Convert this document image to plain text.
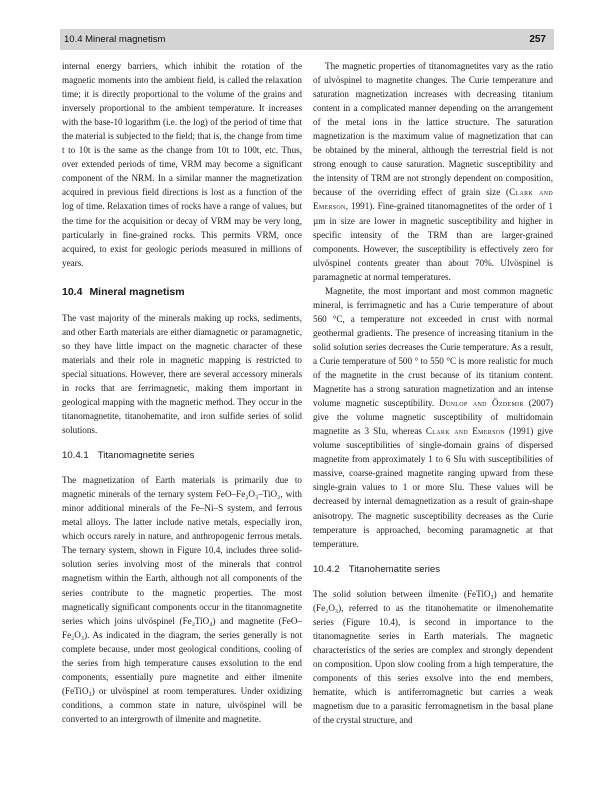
10.4 Mineral magnetism	257

internal energy barriers, which inhibit the rotation of the magnetic moments into the ambient field, is called the relaxation time; it is directly proportional to the volume of the grains and inversely proportional to the ambient temperature. It increases with the base-10 logarithm (i.e. the log) of the period of time that the material is subjected to the field; that is, the change from time t to 10t is the same as the change from 10t to 100t, etc. Thus, over extended periods of time, VRM may become a significant component of the NRM. In a similar manner the magnetization acquired in previous field directions is lost as a function of the log of time. Relaxation times of rocks have a range of values, but the time for the acquisition or decay of VRM may be very long, particularly in fine-grained rocks. This permits VRM, once acquired, to exist for geologic periods measured in millions of years.

10.4 Mineral magnetism

The vast majority of the minerals making up rocks, sediments, and other Earth materials are either diamagnetic or paramagnetic, so they have little impact on the magnetic character of these materials and their role in magnetic mapping is restricted to special situations. However, there are several accessory minerals in rocks that are ferrimagnetic, making them important in geological mapping with the magnetic method. They occur in the titanomagnetite, titanohematite, and iron sulfide series of solid solutions.

10.4.1 Titanomagnetite series

The magnetization of Earth materials is primarily due to magnetic minerals of the ternary system FeO–Fe₂O₃–TiO₂, with minor additional minerals of the Fe–Ni–S system, and ferrous metal alloys. The latter include native metals, especially iron, which occurs rarely in nature, and anthropogenic ferrous metals. The ternary system, shown in Figure 10.4, includes three solid-solution series involving most of the minerals that control magnetism within the Earth, although not all components of the series contribute to the magnetic properties. The most magnetically significant components occur in the titanomagnetite series which joins ulvöspinel (Fe₂TiO₄) and magnetite (FeO–Fe₂O₃). As indicated in the diagram, the series generally is not complete because, under most geological conditions, cooling of the series from high temperature causes exsolution to the end components, essentially pure magnetite and either ilmenite (FeTiO₃) or ulvöspinel at room temperatures. Under oxidizing conditions, a common state in nature, ulvöspinel will be converted to an intergrowth of ilmenite and magnetite.

The magnetic properties of titanomagnetites vary as the ratio of ulvöspinel to magnetite changes. The Curie temperature and saturation magnetization increases with decreasing titanium content in a complicated manner depending on the arrangement of the metal ions in the lattice structure. The saturation magnetization is the maximum value of magnetization that can be obtained by the mineral, although the terrestrial field is not strong enough to cause saturation. Magnetic susceptibility and the intensity of TRM are not strongly dependent on composition, because of the overriding effect of grain size (Clark and Emerson, 1991). Fine-grained titanomagnetites of the order of 1 µm in size are lower in magnetic susceptibility and higher in specific intensity of the TRM than are larger-grained components. However, the susceptibility is effectively zero for ulvöspinel contents greater than about 70%. Ulvöspinel is paramagnetic at normal temperatures.

Magnetite, the most important and most common magnetic mineral, is ferrimagnetic and has a Curie temperature of about 560 °C, a temperature not exceeded in crust with normal geothermal gradients. The presence of increasing titanium in the solid solution series decreases the Curie temperature. As a result, a Curie temperature of 500 ° to 550 °C is more realistic for much of the magnetite in the crust because of its titanium content. Magnetite has a strong saturation magnetization and an intense volume magnetic susceptibility. Dunlop and Özdemir (2007) give the volume magnetic susceptibility of multidomain magnetite as 3 SIu, whereas Clark and Emerson (1991) give volume susceptibilities of single-domain grains of dispersed magnetite from approximately 1 to 6 SIu with susceptibilities of massive, coarse-grained magnetite ranging upward from these single-grain values to 1 or more SIu. These values will be decreased by internal demagnetization as a result of grain-shape anisotropy. The magnetic susceptibility decreases as the Curie temperature is approached, becoming paramagnetic at that temperature.

10.4.2 Titanohematite series

The solid solution between ilmenite (FeTiO₃) and hematite (Fe₂O₃), referred to as the titanohematite or ilmenohematite series (Figure 10.4), is second in importance to the titanomagnetite series in Earth materials. The magnetic characteristics of the series are complex and strongly dependent on composition. Upon slow cooling from a high temperature, the components of this series exsolve into the end members, hematite, which is antiferromagnetic but carries a weak magnetism due to a parasitic ferromagnetism in the basal plane of the crystal structure, and
